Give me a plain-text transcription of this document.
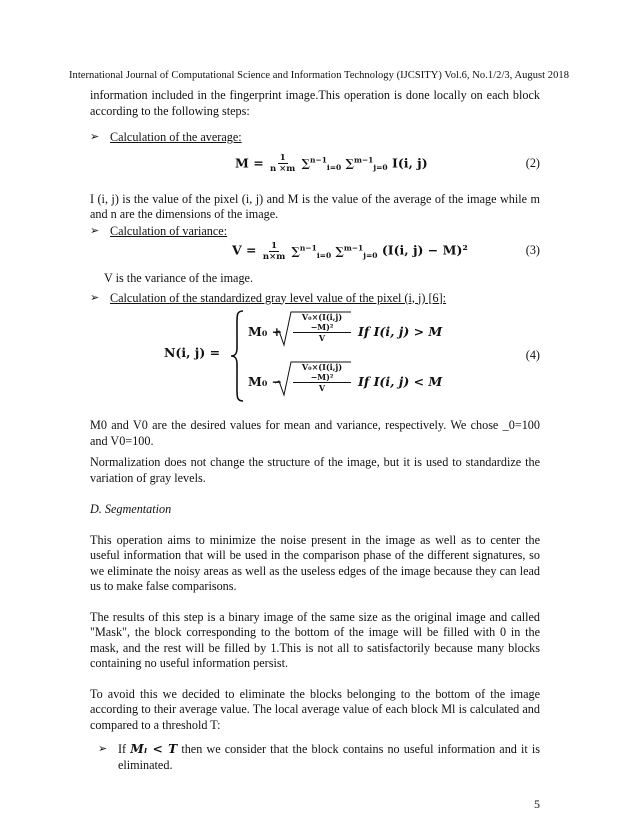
International Journal of Computational Science and Information Technology (IJCSITY) Vol.6, No.1/2/3, August 2018

information included in the fingerprint image.This operation is done locally on each block according to the following steps:

➢ Calculation of the average:
$M = \frac{1}{n \times m} \sum^{n-1}_{i=0}$ ∑$^{m-1}_{j=0}$ I(i, j)	(2)

I (i, j) is the value of the pixel (i, j) and M is the value of the average of the image while m and n are the dimensions of the image.

➢ Calculation of variance:
$V = \frac{1}{n\times m} \sum^{n-1}_{i=0}$ ∑$^{m-1}_{j=0}$ (I(i, j) − M)²	(3)

V is the variance of the image.

➢ Calculation of the standardized gray level value of the pixel (i, j) [6]:
N(i, j) =
$M_0 + \frac{\text{V₀×(I(i,j)−M)²}}{V}$ If I(i, j) > M
$M_0 - \frac{\text{V₀×(I(i,j)−M)²}}{V}$ If I(i, j) < M
(4)

M0 and V0 are the desired values for mean and variance, respectively. We chose _0=100 and V0=100.

Normalization does not change the structure of the image, but it is used to standardize the variation of gray levels.

D. Segmentation

This operation aims to minimize the noise present in the image as well as to center the useful information that will be used in the comparison phase of the different signatures, so we eliminate the noisy areas as well as the useless edges of the image because they can lead us to make false comparisons.

The results of this step is a binary image of the same size as the original image and called "Mask", the block corresponding to the bottom of the image will be filled with 0 in the mask, and the rest will be filled by 1.This is not all to satisfactorily because many blocks containing no useful information persist.

To avoid this we decided to eliminate the blocks belonging to the bottom of the image according to their average value. The local average value of each block Ml is calculated and compared to a threshold T:

➢ If Mₗ < T then we consider that the block contains no useful information and it is eliminated.
5
